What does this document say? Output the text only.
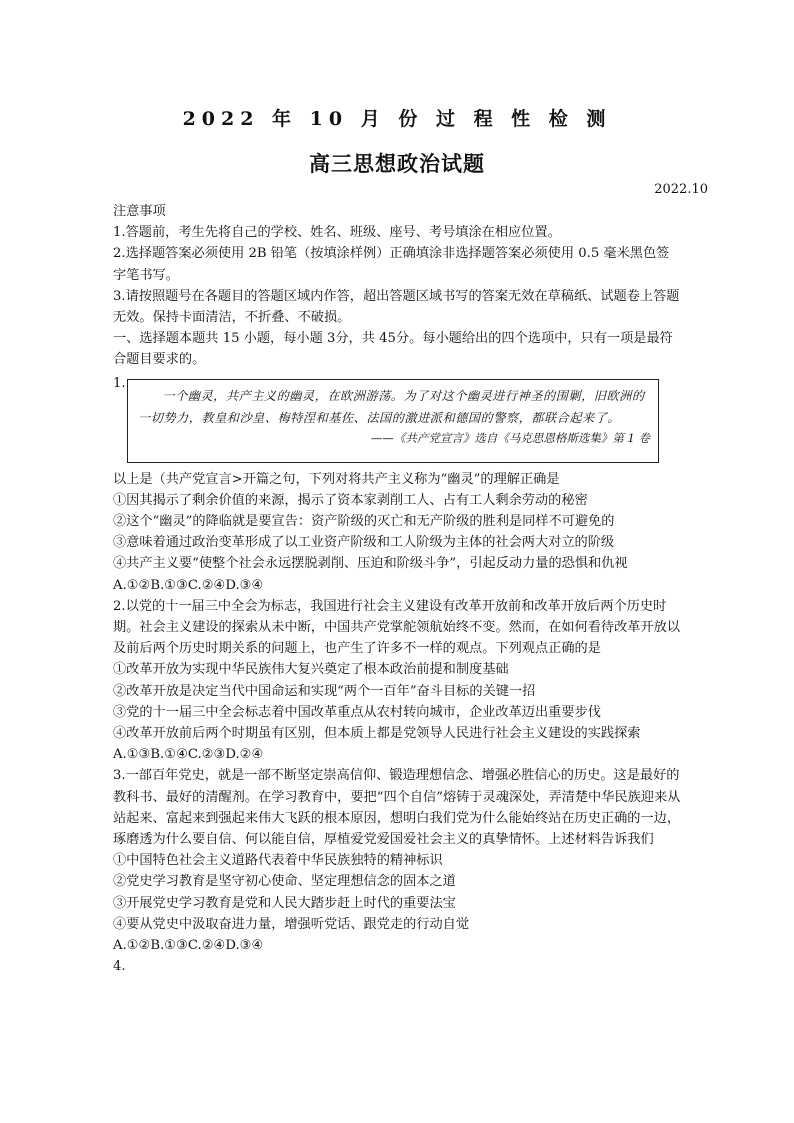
2022 年 10 月 份 过 程 性 检 测
高三思想政治试题
2022.10

注意事项

1.答题前，考生先将自己的学校、姓名、班级、座号、考号填涂在相应位置。

2.选择题答案必须使用 2B 铅笔（按填涂样例）正确填涂非选择题答案必须使用 0.5 毫米黑色签字笔书写。

3.请按照题号在各题目的答题区域内作答，超出答题区域书写的答案无效在草稿纸、试题卷上答题无效。保持卡面清洁，不折叠、不破损。

一、选择题本题共 15 小题，每小题 3分，共 45分。每小题给出的四个选项中，只有一项是最符合题目要求的。

1.
一个幽灵，共产主义的幽灵，在欧洲游荡。为了对这个幽灵进行神圣的围剿，旧欧洲的一切势力，教皇和沙皇、梅特涅和基佐、法国的激进派和德国的警察，都联合起来了。
——《共产党宣言》选自《马克思恩格斯选集》第 1 卷

以上是（共产党宣言>开篇之句，下列对将共产主义称为“幽灵”的理解正确是

①因其揭示了剩余价值的来源，揭示了资本家剥削工人、占有工人剩余劳动的秘密

②这个“幽灵”的降临就是要宣告：资产阶级的灭亡和无产阶级的胜利是同样不可避免的

③意味着通过政治变革形成了以工业资产阶级和工人阶级为主体的社会两大对立的阶级

④共产主义要“使整个社会永远摆脱剥削、压迫和阶级斗争”，引起反动力量的恐惧和仇视

A.①②B.①③C.②④D.③④

2.以党的十一届三中全会为标志，我国进行社会主义建设有改革开放前和改革开放后两个历史时期。社会主义建设的探索从未中断，中国共产党掌舵领航始终不变。然而，在如何看待改革开放以及前后两个历史时期关系的问题上，也产生了许多不一样的观点。下列观点正确的是

①改革开放为实现中华民族伟大复兴奠定了根本政治前提和制度基础

②改革开放是决定当代中国命运和实现“两个一百年”奋斗目标的关键一招

③党的十一届三中全会标志着中国改革重点从农村转向城市，企业改革迈出重要步伐

④改革开放前后两个时期虽有区别，但本质上都是党领导人民进行社会主义建设的实践探索

A.①③B.①④C.②③D.②④

3.一部百年党史，就是一部不断坚定崇高信仰、锻造理想信念、增强必胜信心的历史。这是最好的教科书、最好的清醒剂。在学习教育中，要把“四个自信”熔铸于灵魂深处，弄清楚中华民族迎来从站起来、富起来到强起来伟大飞跃的根本原因，想明白我们党为什么能始终站在历史正确的一边，琢磨透为什么要自信、何以能自信，厚植爱党爱国爱社会主义的真挚情怀。上述材料告诉我们

①中国特色社会主义道路代表着中华民族独特的精神标识

②党史学习教育是坚守初心使命、坚定理想信念的固本之道

③开展党史学习教育是党和人民大踏步赶上时代的重要法宝

④要从党史中汲取奋进力量，增强听党话、跟党走的行动自觉

A.①②B.①③C.②④D.③④

4.
